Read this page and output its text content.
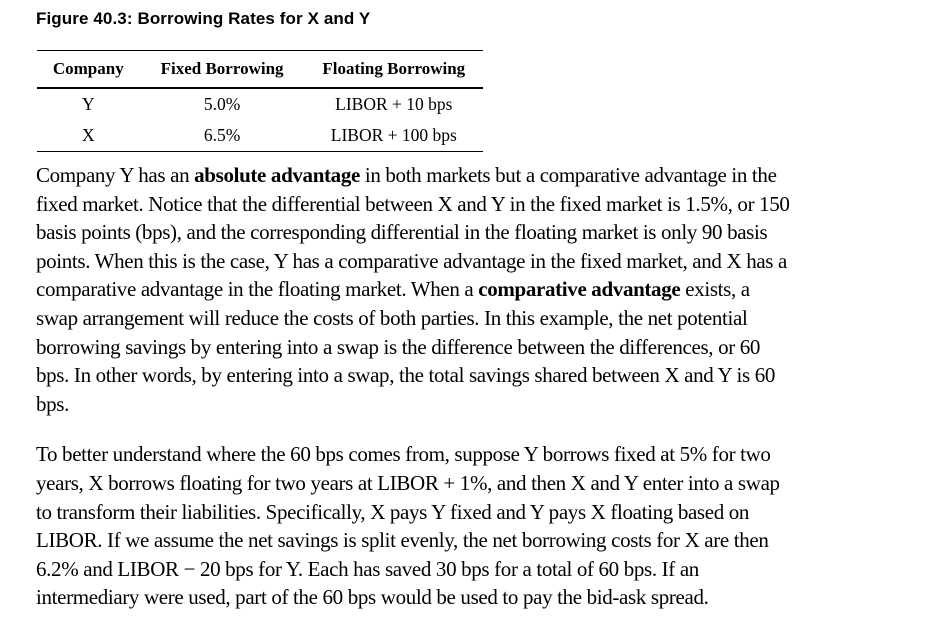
Figure 40.3: Borrowing Rates for X and Y
Company	Fixed Borrowing	Floating Borrowing
Y	5.0%	LIBOR + 10 bps
X	6.5%	LIBOR + 100 bps
Company Y has an absolute advantage in both markets but a comparative advantage in the
fixed market. Notice that the differential between X and Y in the fixed market is 1.5%, or 150
basis points (bps), and the corresponding differential in the floating market is only 90 basis
points. When this is the case, Y has a comparative advantage in the fixed market, and X has a
comparative advantage in the floating market. When a comparative advantage exists, a
swap arrangement will reduce the costs of both parties. In this example, the net potential
borrowing savings by entering into a swap is the difference between the differences, or 60
bps. In other words, by entering into a swap, the total savings shared between X and Y is 60
bps.
To better understand where the 60 bps comes from, suppose Y borrows fixed at 5% for two
years, X borrows floating for two years at LIBOR + 1%, and then X and Y enter into a swap
to transform their liabilities. Specifically, X pays Y fixed and Y pays X floating based on
LIBOR. If we assume the net savings is split evenly, the net borrowing costs for X are then
6.2% and LIBOR − 20 bps for Y. Each has saved 30 bps for a total of 60 bps. If an
intermediary were used, part of the 60 bps would be used to pay the bid-ask spread.
